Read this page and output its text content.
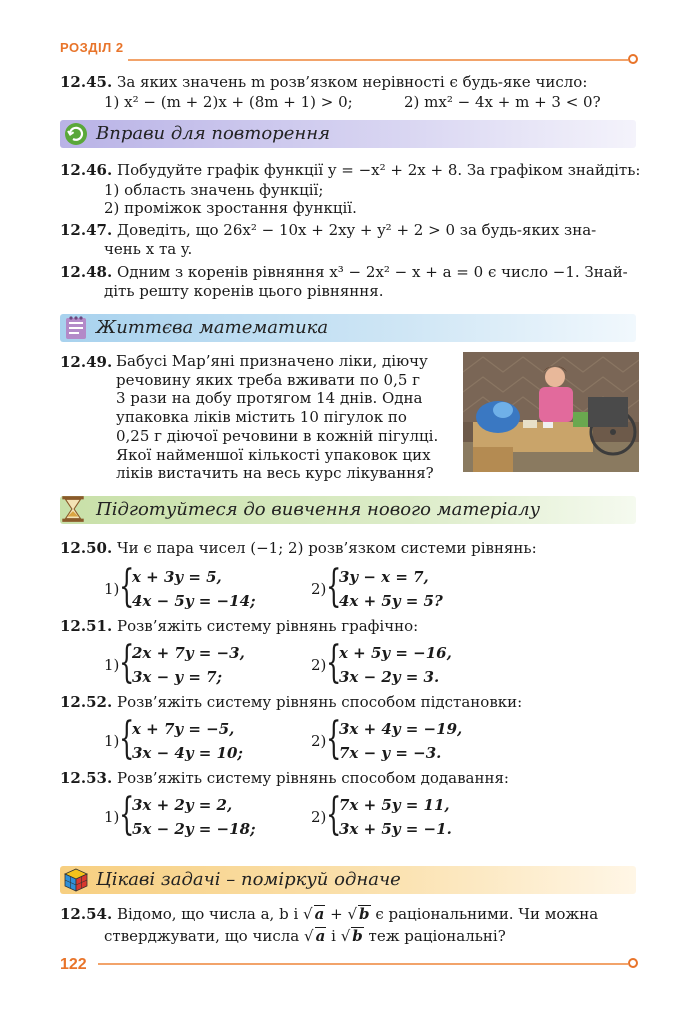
РОЗДІЛ 2
12.45. За яких значень m розв’язком нерівності є будь-яке число:
1) x² − (m + 2)x + (8m + 1) > 0;	2) mx² − 4x + m + 3 < 0?
Вправи для повторення
12.46. Побудуйте графік функції y = −x² + 2x + 8. За графіком знайдіть:
1) область значень функції;
2) проміжок зростання функції.
12.47. Доведіть, що 26x² − 10x + 2xy + y² + 2 > 0 за будь-яких зна-
чень x та y.
12.48. Одним з коренів рівняння x³ − 2x² − x + a = 0 є число −1. Знай-
діть решту коренів цього рівняння.
Життєва математика
12.49. Бабусі Мар’яні призначено ліки, діючу
речовину яких треба вживати по 0,5 г
3 рази на добу протягом 14 днів. Одна
упаковка ліків містить 10 пігулок по
0,25 г діючої речовини в кожній пігулці.
Якої найменшої кількості упаковок цих
ліків вистачить на весь курс лікування?
Підготуйтеся до вивчення нового матеріалу
12.50. Чи є пара чисел (−1; 2) розв’язком системи рівнянь:
1) {
x + 3y = 5,
4x − 5y = −14;
2) {
3y − x = 7,
4x + 5y = 5?
12.51. Розв’яжіть систему рівнянь графічно:
1) {
2x + 7y = −3,
3x − y = 7;
2) {
x + 5y = −16,
3x − 2y = 3.
12.52. Розв’яжіть систему рівнянь способом підстановки:
1) {
x + 7y = −5,
3x − 4y = 10;
2) {
3x + 4y = −19,
7x − y = −3.
12.53. Розв’яжіть систему рівнянь способом додавання:
1) {
3x + 2y = 2,
5x − 2y = −18;
2) {
7x + 5y = 11,
3x + 5y = −1.
Цікаві задачі – поміркуй одначе
12.54. Відомо, що числа a, b і √ a + √ b є раціональними. Чи можна
стверджувати, що числа √ a і √ b теж раціональні?
122
